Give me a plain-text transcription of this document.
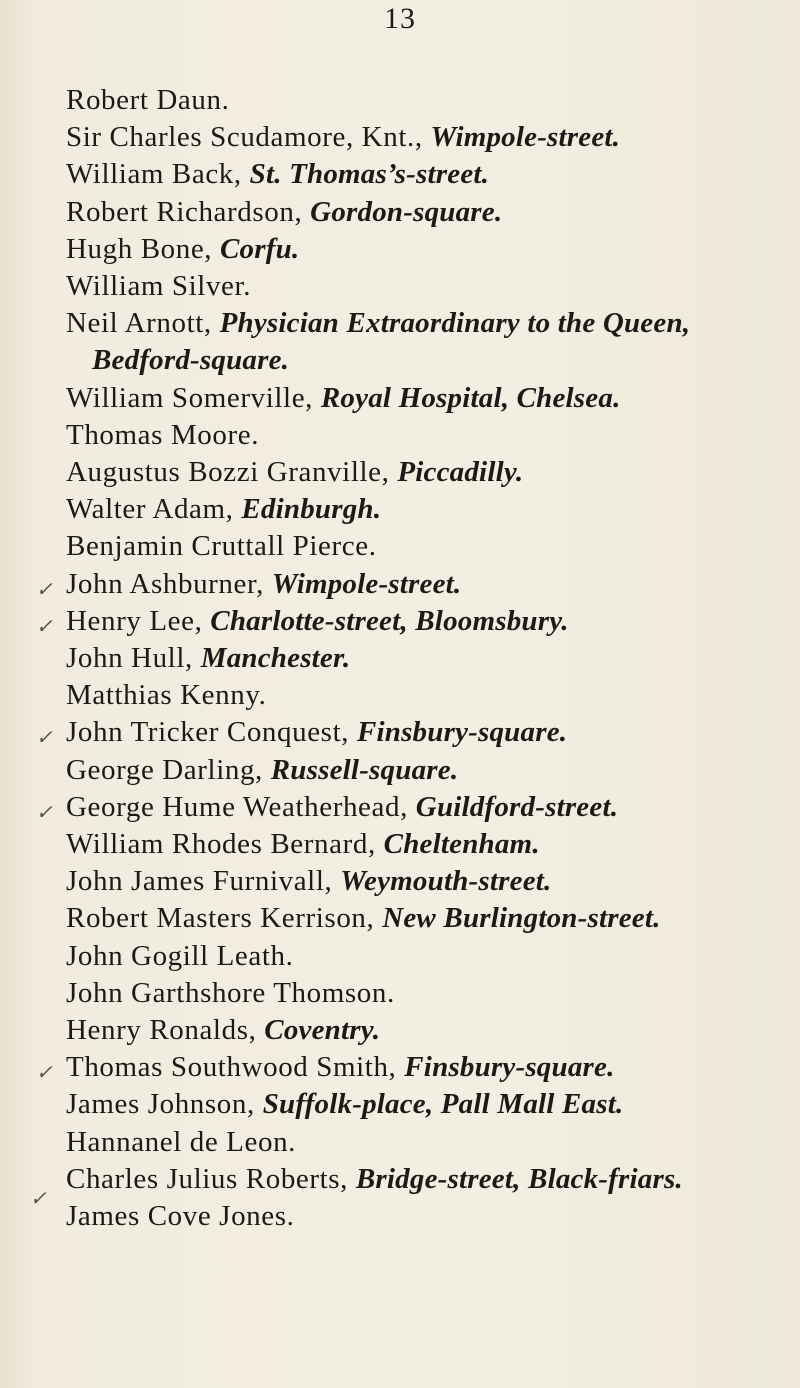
13
Robert Daun.
Sir Charles Scudamore, Knt., Wimpole-street.
William Back, St. Thomas’s-street.
Robert Richardson, Gordon-square.
Hugh Bone, Corfu.
William Silver.
Neil Arnott, Physician Extraordinary to the Queen, Bedford-square.
William Somerville, Royal Hospital, Chelsea.
Thomas Moore.
Augustus Bozzi Granville, Piccadilly.
Walter Adam, Edinburgh.
Benjamin Cruttall Pierce.
✓ John Ashburner, Wimpole-street.
✓ Henry Lee, Charlotte-street, Bloomsbury.
John Hull, Manchester.
Matthias Kenny.
✓ John Tricker Conquest, Finsbury-square.
George Darling, Russell-square.
✓ George Hume Weatherhead, Guildford-street.
William Rhodes Bernard, Cheltenham.
John James Furnivall, Weymouth-street.
Robert Masters Kerrison, New Burlington-street.
John Gogill Leath.
John Garthshore Thomson.
Henry Ronalds, Coventry.
✓ Thomas Southwood Smith, Finsbury-square.
James Johnson, Suffolk-place, Pall Mall East.
Hannanel de Leon.
✓
Charles Julius Roberts, Bridge-street, Black-friars.
James Cove Jones.
